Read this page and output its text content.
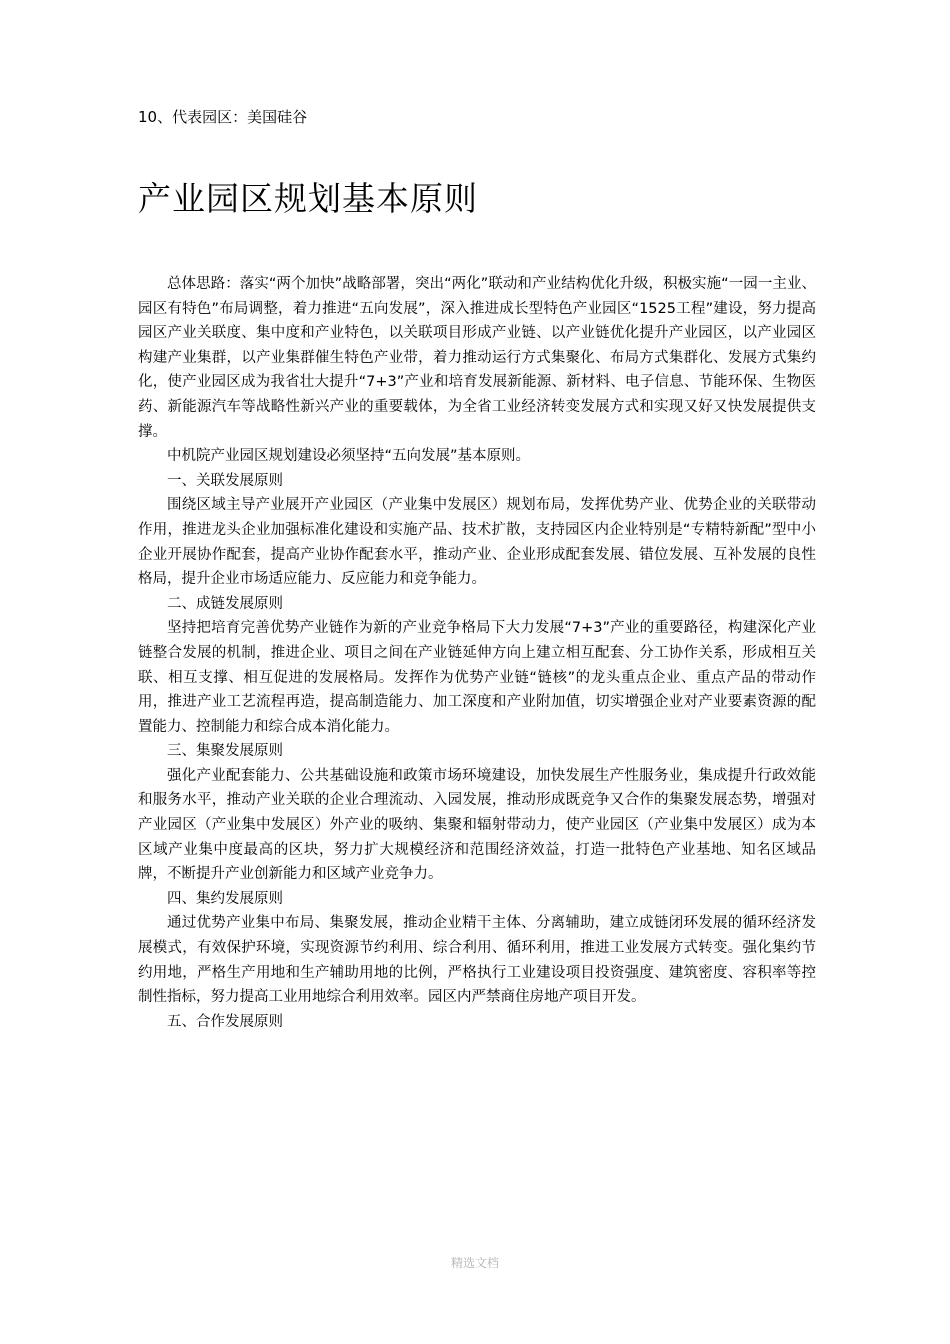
10、代表园区：美国硅谷
产业园区规划基本原则

总体思路：落实“两个加快”战略部署，突出“两化”联动和产业结构优化升级，积极实施“一园一主业、园区有特色”布局调整，着力推进“五向发展”，深入推进成长型特色产业园区“1525工程”建设，努力提高园区产业关联度、集中度和产业特色，以关联项目形成产业链、以产业链优化提升产业园区，以产业园区构建产业集群，以产业集群催生特色产业带，着力推动运行方式集聚化、布局方式集群化、发展方式集约化，使产业园区成为我省壮大提升“7+3”产业和培育发展新能源、新材料、电子信息、节能环保、生物医药、新能源汽车等战略性新兴产业的重要载体，为全省工业经济转变发展方式和实现又好又快发展提供支撑。

中机院产业园区规划建设必须坚持“五向发展”基本原则。

一、关联发展原则

围绕区域主导产业展开产业园区（产业集中发展区）规划布局，发挥优势产业、优势企业的关联带动作用，推进龙头企业加强标准化建设和实施产品、技术扩散，支持园区内企业特别是“专精特新配”型中小企业开展协作配套，提高产业协作配套水平，推动产业、企业形成配套发展、错位发展、互补发展的良性格局，提升企业市场适应能力、反应能力和竞争能力。

二、成链发展原则

坚持把培育完善优势产业链作为新的产业竞争格局下大力发展“7+3”产业的重要路径，构建深化产业链整合发展的机制，推进企业、项目之间在产业链延伸方向上建立相互配套、分工协作关系，形成相互关联、相互支撑、相互促进的发展格局。发挥作为优势产业链“链核”的龙头重点企业、重点产品的带动作用，推进产业工艺流程再造，提高制造能力、加工深度和产业附加值，切实增强企业对产业要素资源的配置能力、控制能力和综合成本消化能力。

三、集聚发展原则

强化产业配套能力、公共基础设施和政策市场环境建设，加快发展生产性服务业，集成提升行政效能和服务水平，推动产业关联的企业合理流动、入园发展，推动形成既竞争又合作的集聚发展态势，增强对产业园区（产业集中发展区）外产业的吸纳、集聚和辐射带动力，使产业园区（产业集中发展区）成为本区域产业集中度最高的区块，努力扩大规模经济和范围经济效益，打造一批特色产业基地、知名区域品牌，不断提升产业创新能力和区域产业竞争力。

四、集约发展原则

通过优势产业集中布局、集聚发展，推动企业精干主体、分离辅助，建立成链闭环发展的循环经济发展模式，有效保护环境，实现资源节约利用、综合利用、循环利用，推进工业发展方式转变。强化集约节约用地，严格生产用地和生产辅助用地的比例，严格执行工业建设项目投资强度、建筑密度、容积率等控制性指标，努力提高工业用地综合利用效率。园区内严禁商住房地产项目开发。

五、合作发展原则

精选文档
